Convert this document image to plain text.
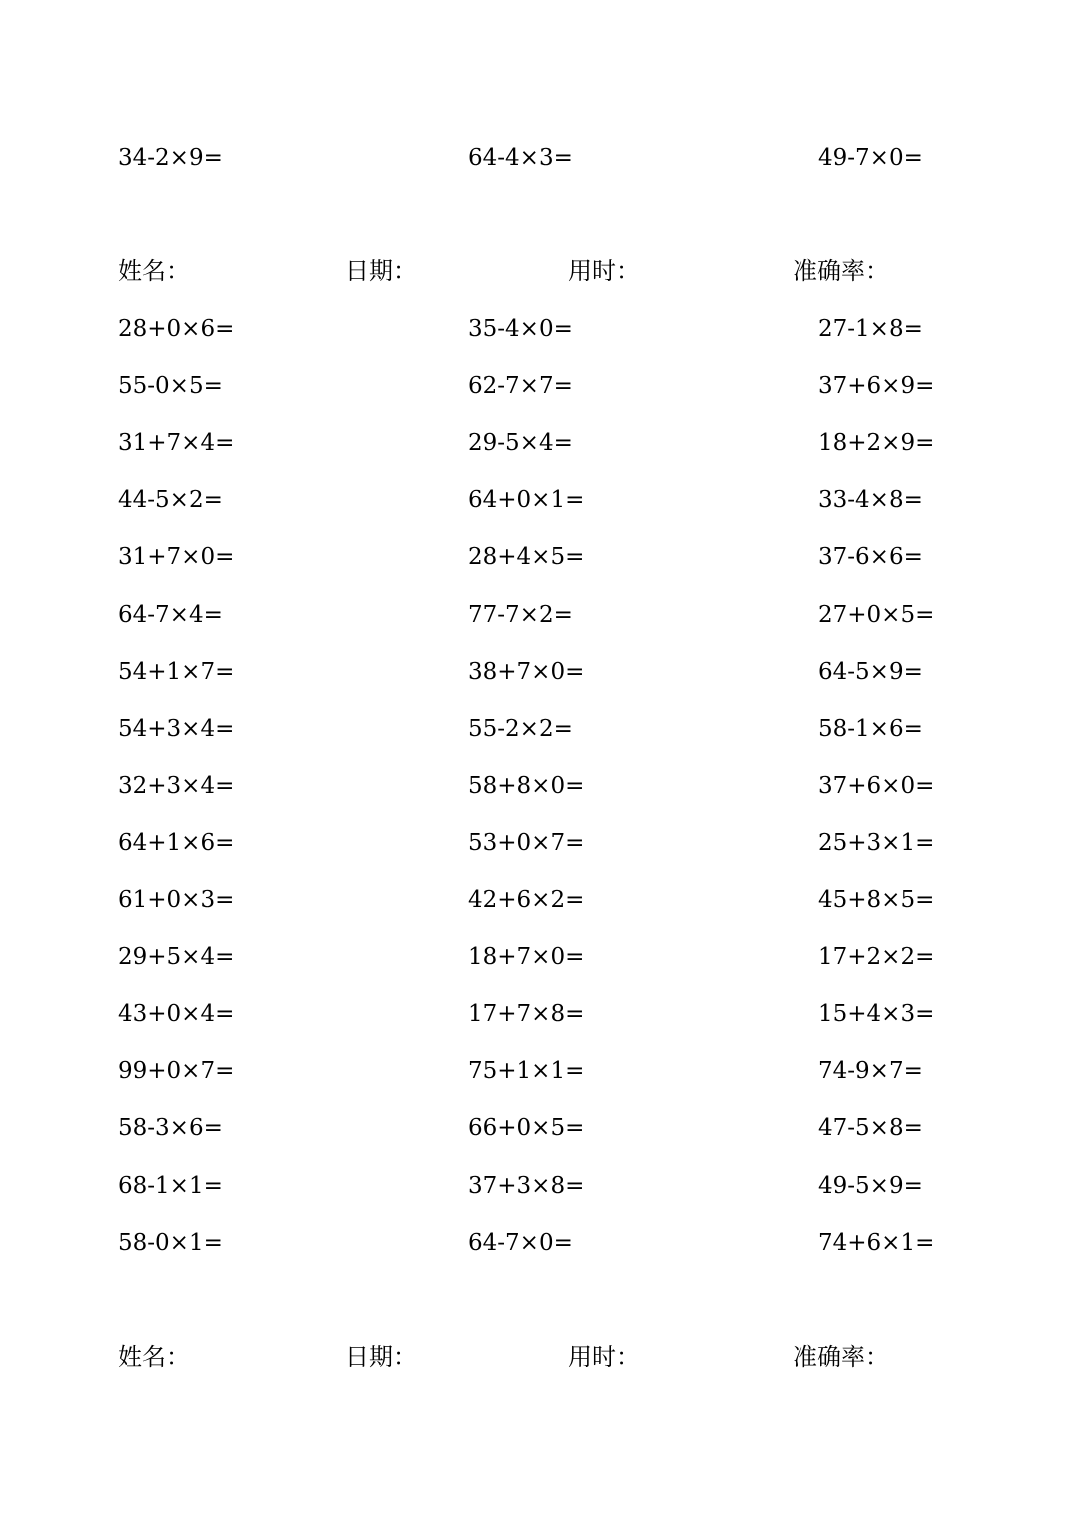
34-2×9=	64-4×3=	49-7×0=
姓名：	日期：	用时：	准确率：
28+0×6=	35-4×0=	27-1×8=
55-0×5=	62-7×7=	37+6×9=
31+7×4=	29-5×4=	18+2×9=
44-5×2=	64+0×1=	33-4×8=
31+7×0=	28+4×5=	37-6×6=
64-7×4=	77-7×2=	27+0×5=
54+1×7=	38+7×0=	64-5×9=
54+3×4=	55-2×2=	58-1×6=
32+3×4=	58+8×0=	37+6×0=
64+1×6=	53+0×7=	25+3×1=
61+0×3=	42+6×2=	45+8×5=
29+5×4=	18+7×0=	17+2×2=
43+0×4=	17+7×8=	15+4×3=
99+0×7=	75+1×1=	74-9×7=
58-3×6=	66+0×5=	47-5×8=
68-1×1=	37+3×8=	49-5×9=
58-0×1=	64-7×0=	74+6×1=
姓名：	日期：	用时：	准确率：
